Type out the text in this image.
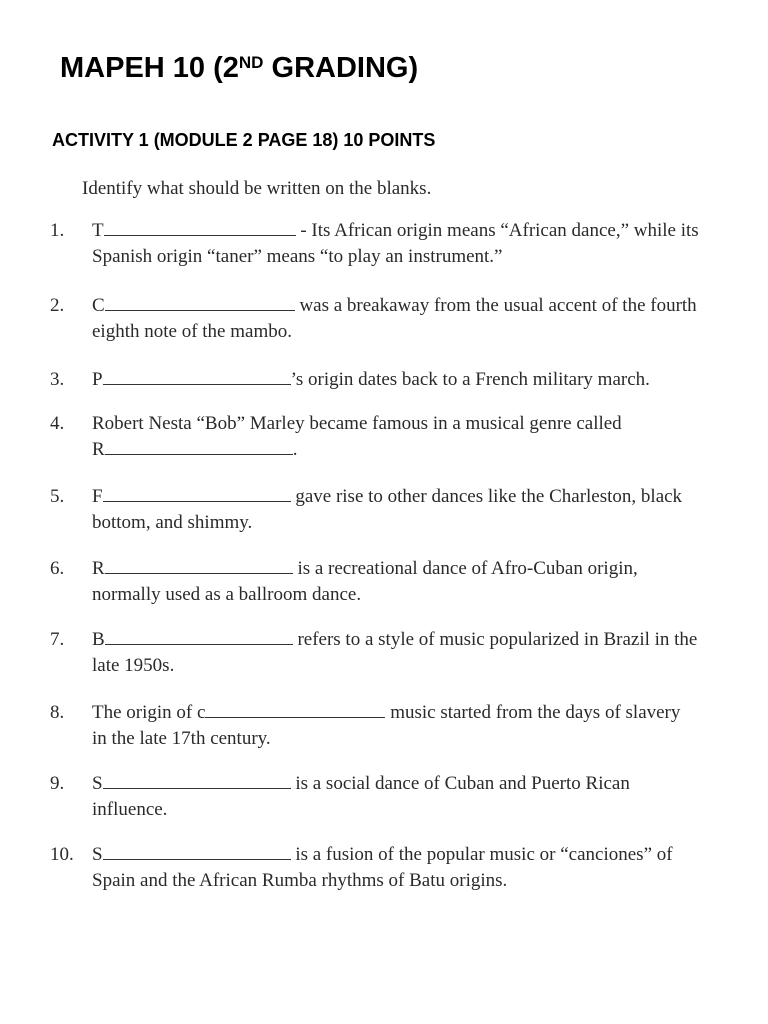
MAPEH 10 (2ND GRADING)
ACTIVITY 1 (MODULE 2 PAGE 18) 10 POINTS
Identify what should be written on the blanks.
1.	T	- Its African origin means “African dance,” while its
Spanish origin “taner” means “to play an instrument.”
2.	C	was a breakaway from the usual accent of the fourth
eighth note of the mambo.
3.	P	’s origin dates back to a French military march.
4.	Robert Nesta “Bob” Marley became famous in a musical genre called
R	.
5.	F	gave rise to other dances like the Charleston, black
bottom, and shimmy.
6.	R	is a recreational dance of Afro-Cuban origin,
normally used as a ballroom dance.
7.	B	refers to a style of music popularized in Brazil in the
late 1950s.
8.	The origin of c	music started from the days of slavery
in the late 17th century.
9.	S	is a social dance of Cuban and Puerto Rican
influence.
10. S	is a fusion of the popular music or “canciones” of
Spain and the African Rumba rhythms of Batu origins.
